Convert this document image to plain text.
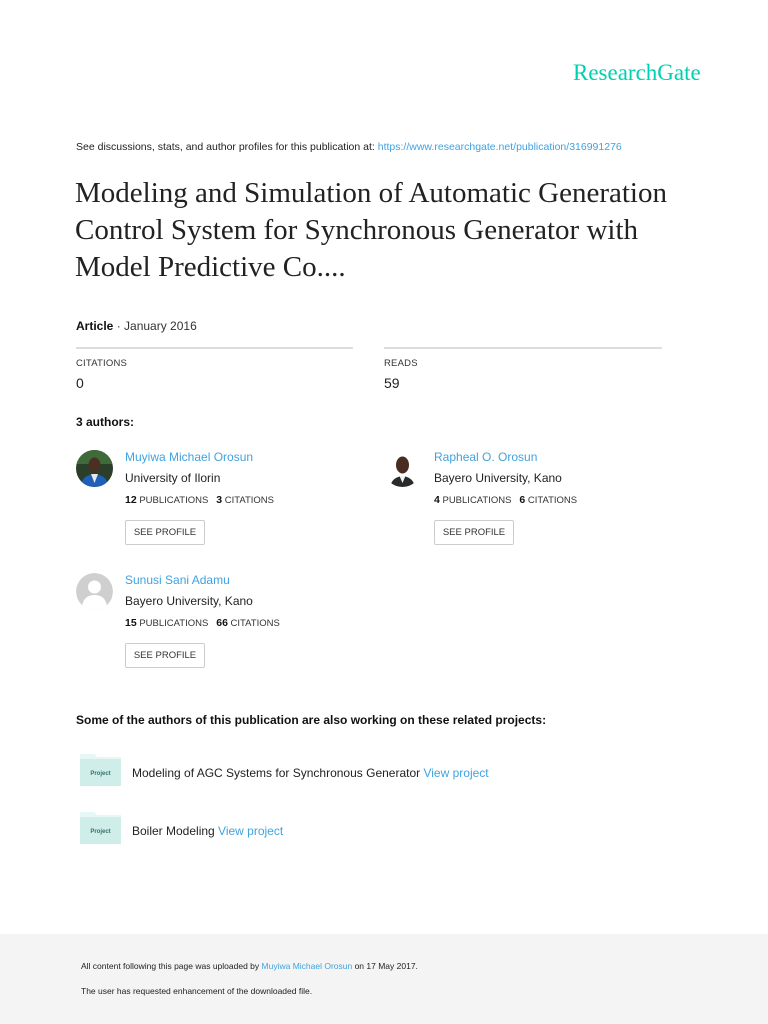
ResearchGate
See discussions, stats, and author profiles for this publication at: https://www.researchgate.net/publication/316991276
Modeling and Simulation of Automatic Generation Control System for Synchronous Generator with Model Predictive Co....
Article · January 2016
CITATIONS
0
READS
59
3 authors:
Muyiwa Michael Orosun
University of Ilorin
12 PUBLICATIONS 3 CITATIONS
SEE PROFILE
Rapheal O. Orosun
Bayero University, Kano
4 PUBLICATIONS 6 CITATIONS
SEE PROFILE
Sunusi Sani Adamu
Bayero University, Kano
15 PUBLICATIONS 66 CITATIONS
SEE PROFILE
Some of the authors of this publication are also working on these related projects:
Project Modeling of AGC Systems for Synchronous Generator View project
Project Boiler Modeling View project
All content following this page was uploaded by Muyiwa Michael Orosun on 17 May 2017.
The user has requested enhancement of the downloaded file.
